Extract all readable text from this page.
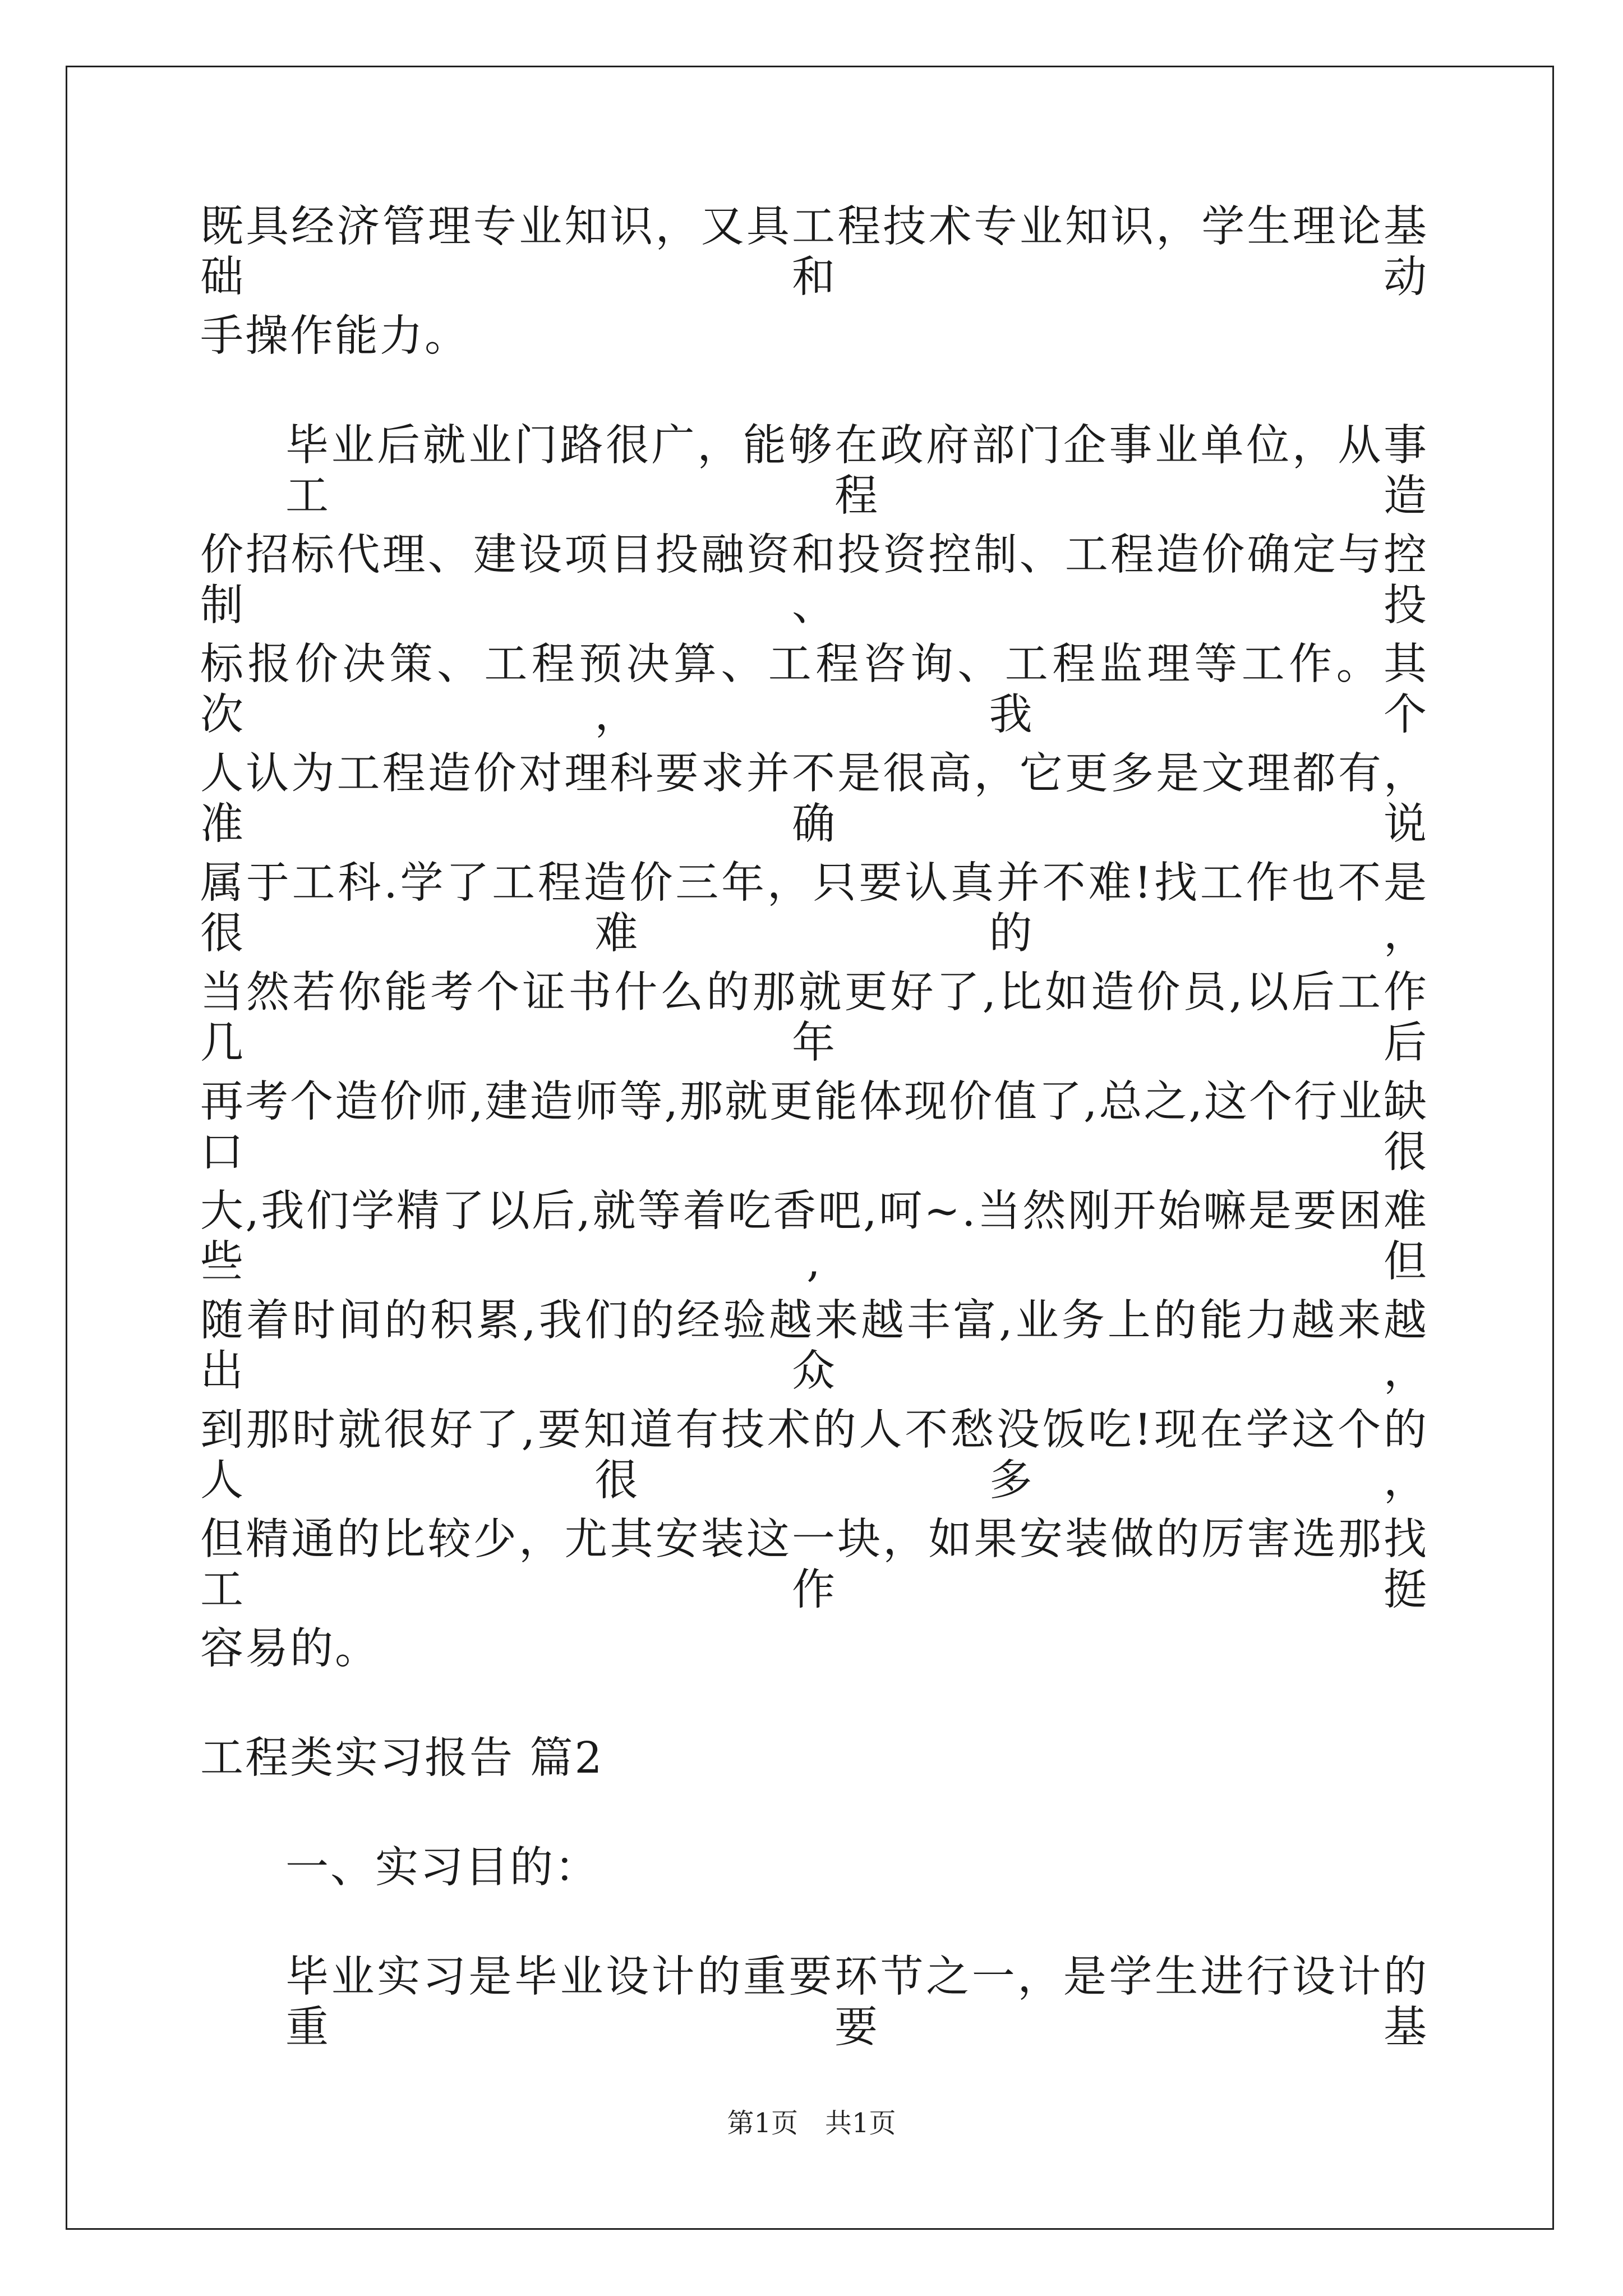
既具经济管理专业知识，又具工程技术专业知识，学生理论基础和动
手操作能力。
毕业后就业门路很广，能够在政府部门企事业单位，从事工程造
价招标代理、建设项目投融资和投资控制、工程造价确定与控制、投
标报价决策、工程预决算、工程咨询、工程监理等工作。其次，我个
人认为工程造价对理科要求并不是很高，它更多是文理都有，准确说
属于工科.学了工程造价三年，只要认真并不难!找工作也不是很难的，
当然若你能考个证书什么的那就更好了,比如造价员,以后工作几年后
再考个造价师,建造师等,那就更能体现价值了,总之,这个行业缺口很
大,我们学精了以后,就等着吃香吧,呵~.当然刚开始嘛是要困难些,但
随着时间的积累,我们的经验越来越丰富,业务上的能力越来越出众，
到那时就很好了,要知道有技术的人不愁没饭吃!现在学这个的人很多，
但精通的比较少，尤其安装这一块，如果安装做的厉害选那找工作挺
容易的。
工程类实习报告 篇2
一、实习目的：
毕业实习是毕业设计的重要环节之一，是学生进行设计的重要基
第1页 共1页
